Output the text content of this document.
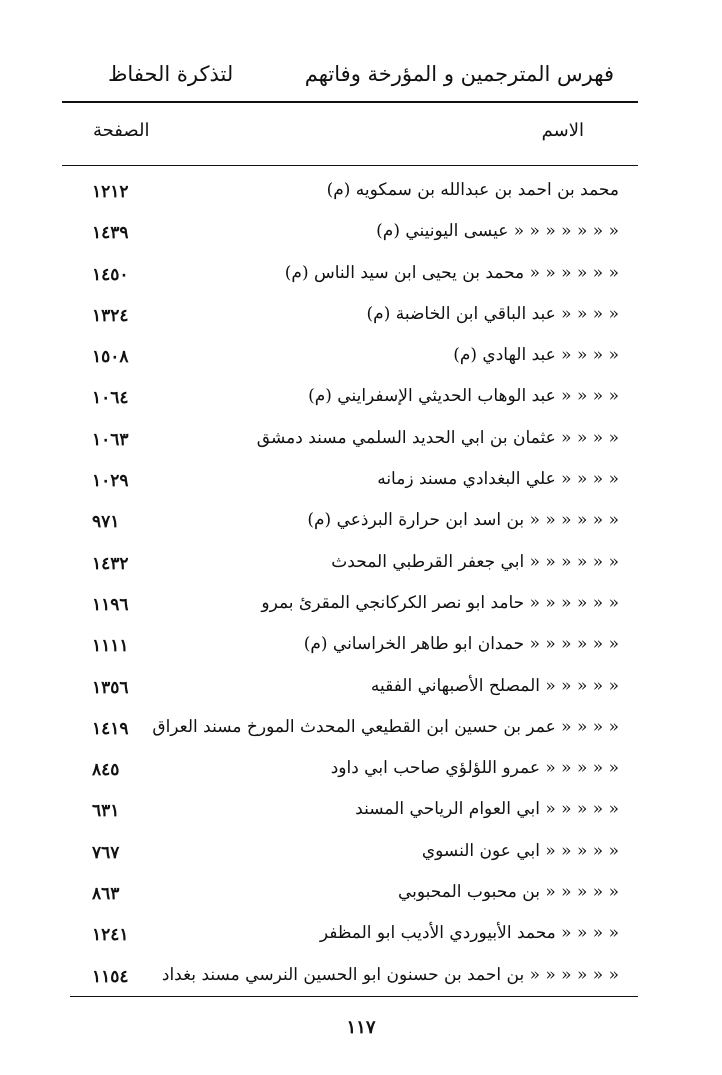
فهرس المترجمين و المؤرخة وفاتهم
لتذكرة الحفاظ
الاسم
الصفحة
محمد بن احمد بن عبدالله بن سمكويه (م)
١٢١٢
« « « « « « « عيسى اليونيني (م)
١٤٣٩
« « « « « « محمد بن يحيى ابن سيد الناس (م)
١٤٥٠
« « « « عبد الباقي ابن الخاضبة (م)
١٣٢٤
« « « « عبد الهادي (م)
١٥٠٨
« « « « عبد الوهاب الحديثي الإسفرايني (م)
١٠٦٤
« « « « عثمان بن ابي الحديد السلمي مسند دمشق
١٠٦٣
« « « « علي البغدادي مسند زمانه
١٠٢٩
« « « « « « بن اسد ابن حرارة البرذعي (م)
٩٧١
« « « « « « ابي جعفر القرطبي المحدث
١٤٣٢
« « « « « « حامد ابو نصر الكركانجي المقرئ بمرو
١١٩٦
« « « « « « حمدان ابو طاهر الخراساني (م)
١١١١
« « « « « المصلح الأصبهاني الفقيه
١٣٥٦
« « « « عمر بن حسين ابن القطيعي المحدث المورخ مسند العراق
١٤١٩
« « « « « عمرو اللؤلؤي صاحب ابي داود
٨٤٥
« « « « « ابي العوام الرياحي المسند
٦٣١
« « « « « ابي عون النسوي
٧٦٧
« « « « « بن محبوب المحبوبي
٨٦٣
« « « « محمد الأبيوردي الأديب ابو المظفر
١٢٤١
« « « « « « بن احمد بن حسنون ابو الحسين النرسي مسند بغداد
١١٥٤
١١٧
